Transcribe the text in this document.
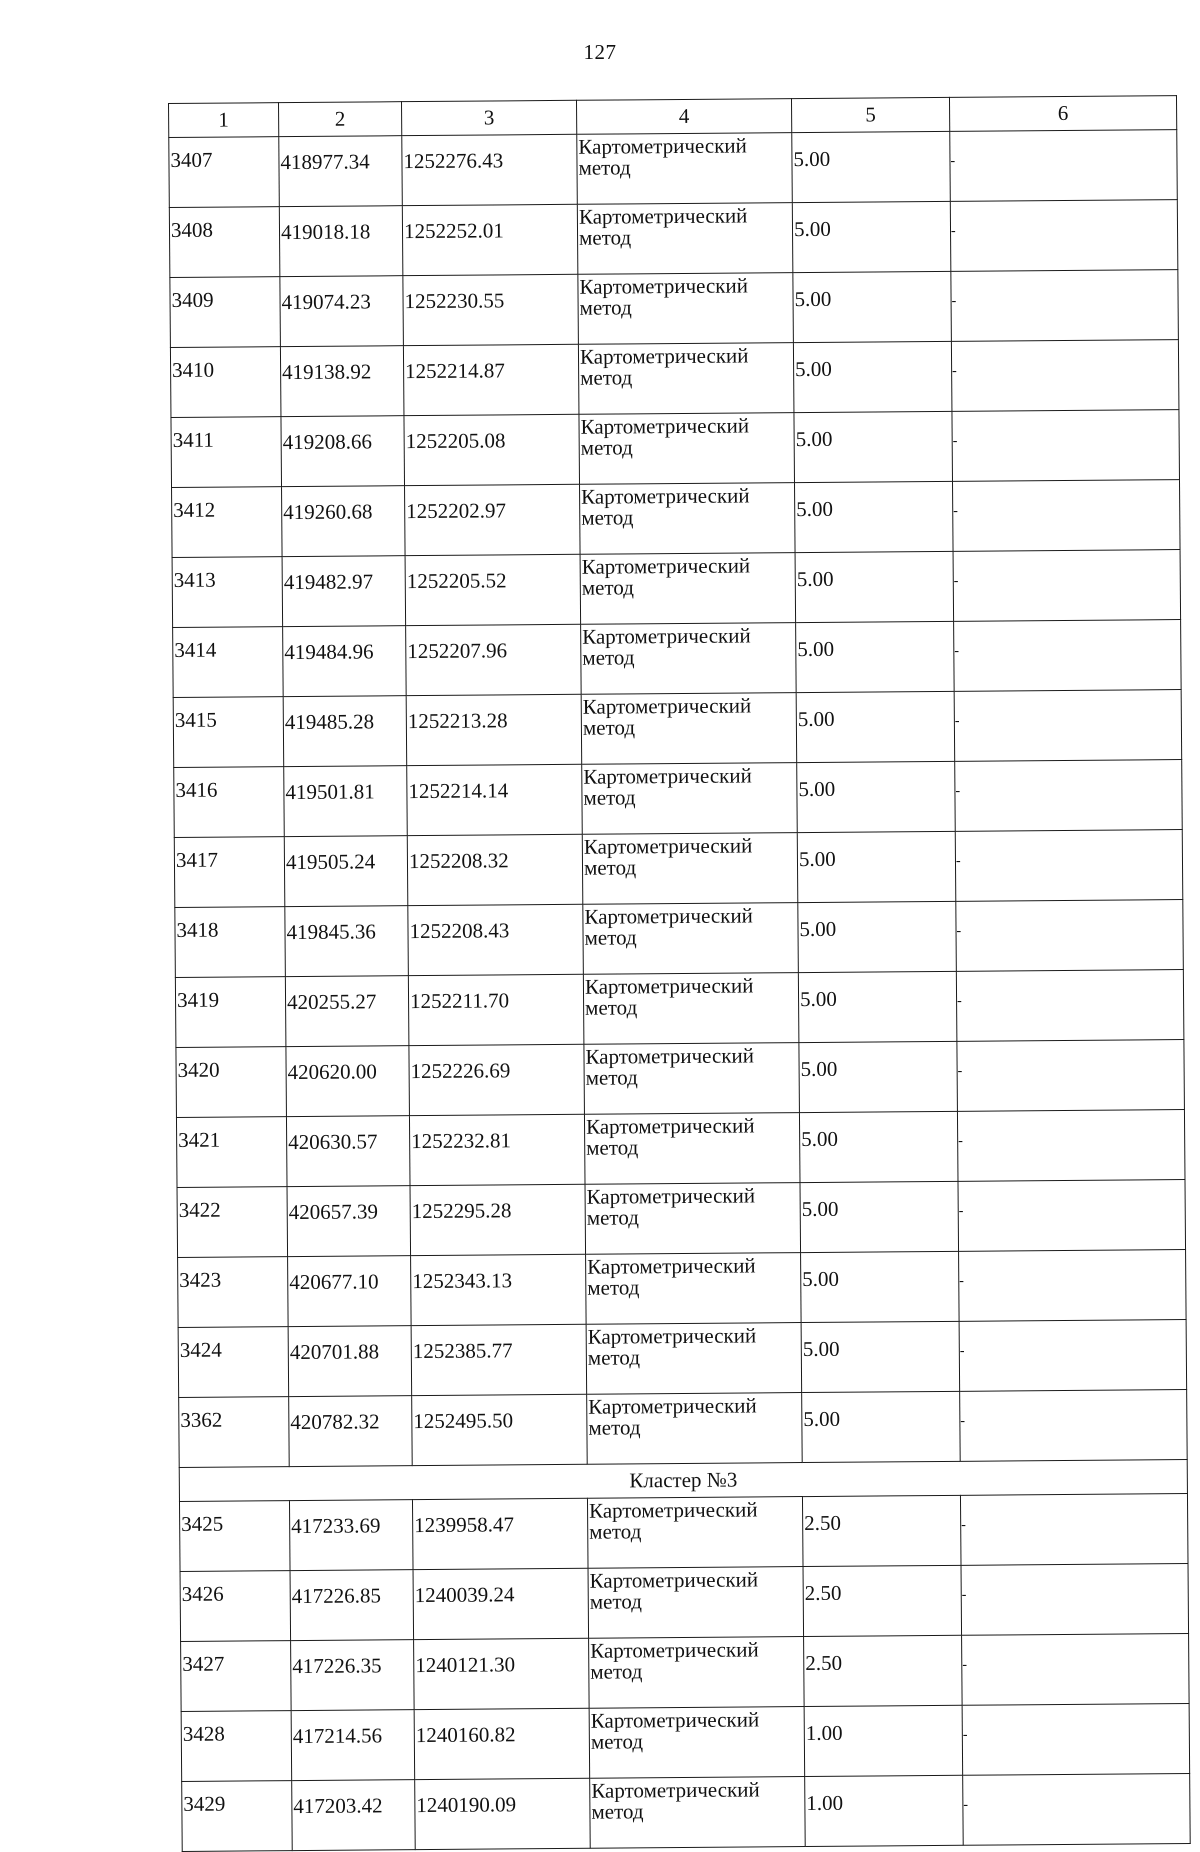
127
1	2	3	4	5	6
3407	418977.34	1252276.43	Картометрический
метод	5.00	-
3408	419018.18	1252252.01	Картометрический
метод	5.00	-
3409	419074.23	1252230.55	Картометрический
метод	5.00	-
3410	419138.92	1252214.87	Картометрический
метод	5.00	-
3411	419208.66	1252205.08	Картометрический
метод	5.00	-
3412	419260.68	1252202.97	Картометрический
метод	5.00	-
3413	419482.97	1252205.52	Картометрический
метод	5.00	-
3414	419484.96	1252207.96	Картометрический
метод	5.00	-
3415	419485.28	1252213.28	Картометрический
метод	5.00	-
3416	419501.81	1252214.14	Картометрический
метод	5.00	-
3417	419505.24	1252208.32	Картометрический
метод	5.00	-
3418	419845.36	1252208.43	Картометрический
метод	5.00	-
3419	420255.27	1252211.70	Картометрический
метод	5.00	-
3420	420620.00	1252226.69	Картометрический
метод	5.00	-
3421	420630.57	1252232.81	Картометрический
метод	5.00	-
3422	420657.39	1252295.28	Картометрический
метод	5.00	-
3423	420677.10	1252343.13	Картометрический
метод	5.00	-
3424	420701.88	1252385.77	Картометрический
метод	5.00	-
3362	420782.32	1252495.50	Картометрический
метод	5.00	-
Кластер №3					
3425	417233.69	1239958.47	Картометрический
метод	2.50	-
3426	417226.85	1240039.24	Картометрический
метод	2.50	-
3427	417226.35	1240121.30	Картометрический
метод	2.50	-
3428	417214.56	1240160.82	Картометрический
метод	1.00	-
3429	417203.42	1240190.09	Картометрический
метод	1.00	-
